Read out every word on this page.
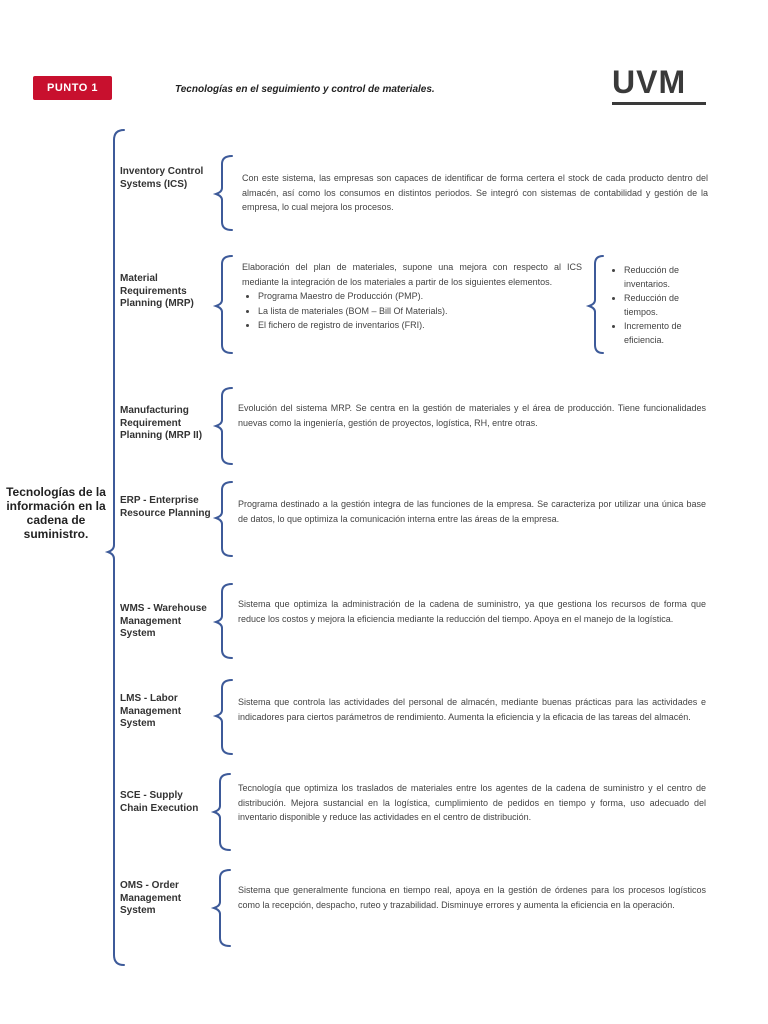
PUNTO 1	Tecnologías en el seguimiento y control de materiales.	UVM
Tecnologías de la información en la cadena de suministro.
Inventory Control Systems (ICS)
Con este sistema, las empresas son capaces de identificar de forma certera el stock de cada producto dentro del almacén, así como los consumos en distintos periodos. Se integró con sistemas de contabilidad y gestión de la empresa, lo cual mejora los procesos.
Material Requirements Planning (MRP)
Elaboración del plan de materiales, supone una mejora con respecto al ICS mediante la integración de los materiales a partir de los siguientes elementos.
• Programa Maestro de Producción (PMP).
• La lista de materiales (BOM – Bill Of Materials).
• El fichero de registro de inventarios (FRI).
• Reducción de inventarios.
• Reducción de tiempos.
• Incremento de eficiencia.
Manufacturing Requirement Planning (MRP II)
Evolución del sistema MRP. Se centra en la gestión de materiales y el área de producción. Tiene funcionalidades nuevas como la ingeniería, gestión de proyectos, logística, RH, entre otras.
ERP - Enterprise Resource Planning
Programa destinado a la gestión integra de las funciones de la empresa. Se caracteriza por utilizar una única base de datos, lo que optimiza la comunicación interna entre las áreas de la empresa.
WMS - Warehouse Management System
Sistema que optimiza la administración de la cadena de suministro, ya que gestiona los recursos de forma que reduce los costos y mejora la eficiencia mediante la reducción del tiempo. Apoya en el manejo de la logística.
LMS - Labor Management System
Sistema que controla las actividades del personal de almacén, mediante buenas prácticas para las actividades e indicadores para ciertos parámetros de rendimiento. Aumenta la eficiencia y la eficacia de las tareas del almacén.
SCE - Supply Chain Execution
Tecnología que optimiza los traslados de materiales entre los agentes de la cadena de suministro y el centro de distribución. Mejora sustancial en la logística, cumplimiento de pedidos en tiempo y forma, uso adecuado del inventario disponible y reduce las actividades en el centro de distribución.
OMS - Order Management System
Sistema que generalmente funciona en tiempo real, apoya en la gestión de órdenes para los procesos logísticos como la recepción, despacho, ruteo y trazabilidad. Disminuye errores y aumenta la eficiencia en la operación.
